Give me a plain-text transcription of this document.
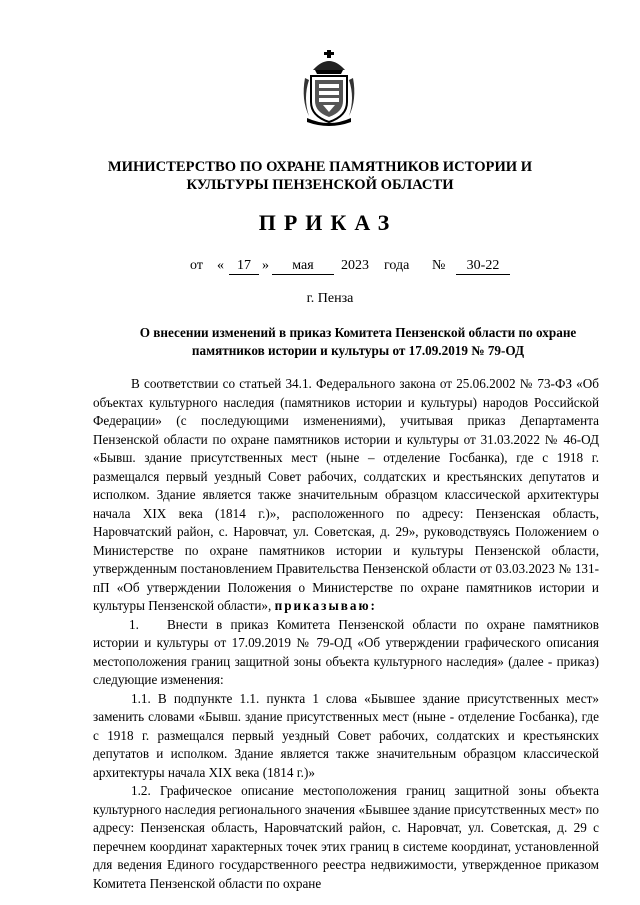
МИНИСТЕРСТВО ПО ОХРАНЕ ПАМЯТНИКОВ ИСТОРИИ И
КУЛЬТУРЫ ПЕНЗЕНСКОЙ ОБЛАСТИ
ПРИКАЗ
от « 17 »	мая	2023 года №	30-22
г. Пенза
О внесении изменений в приказ Комитета Пензенской области по охране
памятников истории и культуры от 17.09.2019 № 79-ОД

В соответствии со статьей 34.1. Федерального закона от 25.06.2002 № 73-ФЗ «Об объектах культурного наследия (памятников истории и культуры) народов Российской Федерации» (с последующими изменениями), учитывая приказ Департамента Пензенской области по охране памятников истории и культуры от 31.03.2022 № 46-ОД «Бывш. здание присутственных мест (ныне – отделение Госбанка), где с 1918 г. размещался первый уездный Совет рабочих, солдатских и крестьянских депутатов и исполком. Здание является также значительным образцом классической архитектуры начала XIX века (1814 г.)», расположенного по адресу: Пензенская область, Наровчатский район, с. Наровчат, ул. Советская, д. 29», руководствуясь Положением о Министерстве по охране памятников истории и культуры Пензенской области, утвержденным постановлением Правительства Пензенской области от 03.03.2023 № 131-пП «Об утверждении Положения о Министерстве по охране памятников истории и культуры Пензенской области», приказываю:

1.	Внести в приказ Комитета Пензенской области по охране памятников истории и культуры от 17.09.2019 № 79-ОД «Об утверждении графического описания местоположения границ защитной зоны объекта культурного наследия» (далее - приказ) следующие изменения:

1.1. В подпункте 1.1. пункта 1 слова «Бывшее здание присутственных мест» заменить словами «Бывш. здание присутственных мест (ныне - отделение Госбанка), где с 1918 г. размещался первый уездный Совет рабочих, солдатских и крестьянских депутатов и исполком. Здание является также значительным образцом классической архитектуры начала XIX века (1814 г.)»

1.2. Графическое описание местоположения границ защитной зоны объекта культурного наследия регионального значения «Бывшее здание присутственных мест» по адресу: Пензенская область, Наровчатский район, с. Наровчат, ул. Советская, д. 29 с перечнем координат характерных точек этих границ в системе координат, установленной для ведения Единого государственного реестра недвижимости, утвержденное приказом Комитета Пензенской области по охране
